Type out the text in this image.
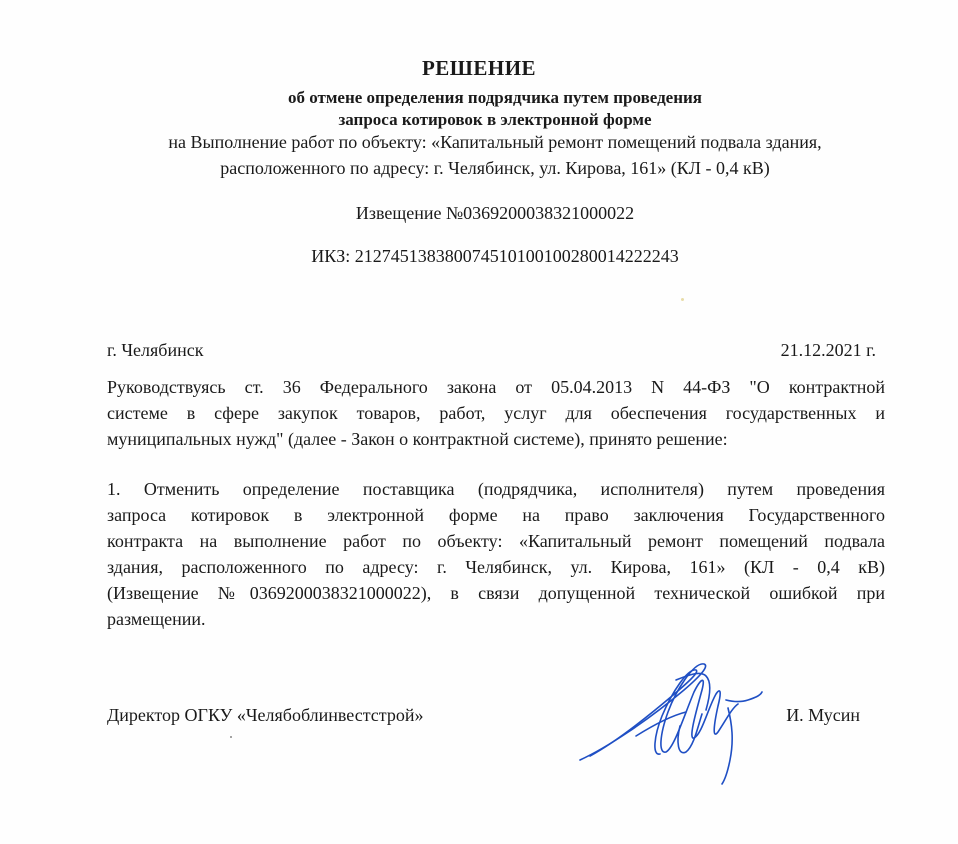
РЕШЕНИЕ
об отмене определения подрядчика путем проведения
запроса котировок в электронной форме
на Выполнение работ по объекту: «Капитальный ремонт помещений подвала здания,
расположенного по адресу: г. Челябинск, ул. Кирова, 161» (КЛ - 0,4 кВ)
Извещение №0369200038321000022
ИКЗ: 212745138380074510100100280014222243
г. Челябинск	21.12.2021 г.
Руководствуясь ст. 36 Федерального закона от 05.04.2013 N 44-ФЗ "О контрактной
системе в сфере закупок товаров, работ, услуг для обеспечения государственных и
муниципальных нужд" (далее - Закон о контрактной системе), принято решение:
1. Отменить определение поставщика (подрядчика, исполнителя) путем проведения
запроса котировок в электронной форме на право заключения Государственного
контракта на выполнение работ по объекту: «Капитальный ремонт помещений подвала
здания, расположенного по адресу: г. Челябинск, ул. Кирова, 161» (КЛ - 0,4 кВ)
(Извещение №0369200038321000022), в связи допущенной технической ошибкой при
размещении.
Директор ОГКУ «Челябоблинвестстрой»	И. Мусин
